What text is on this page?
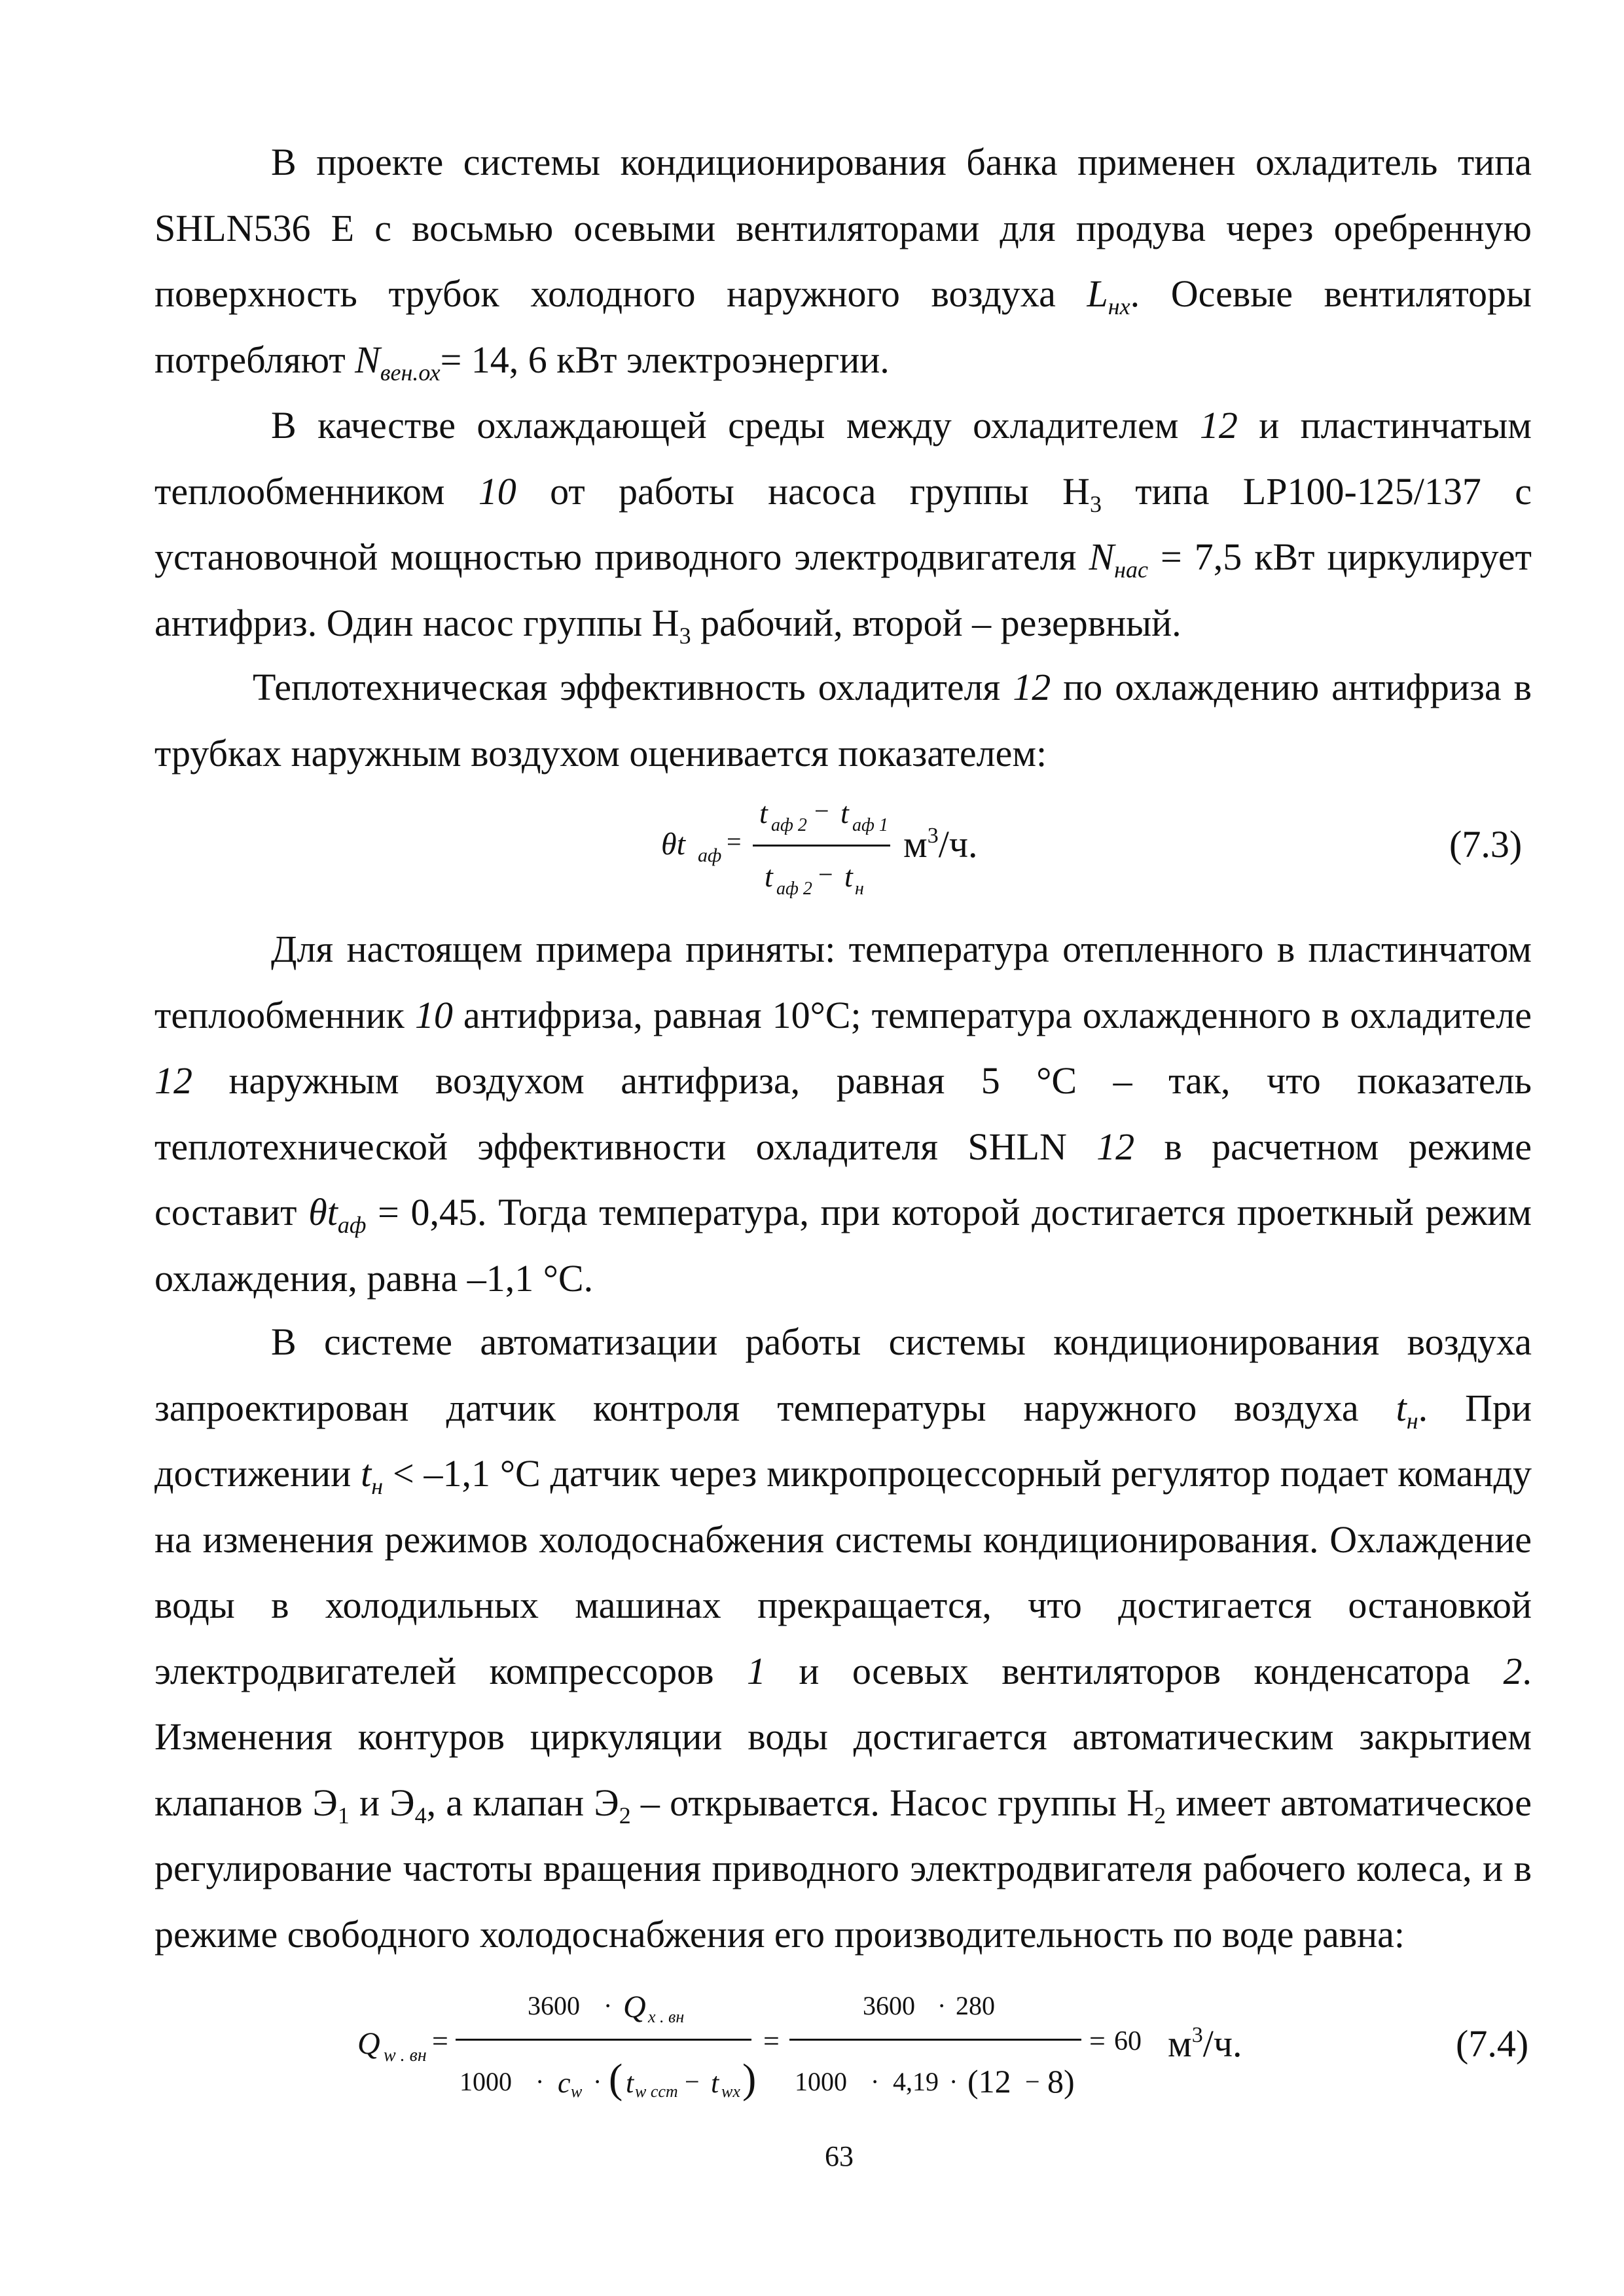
В проекте системы кондиционирования банка применен охладитель типа SHLN536 E с восьмью осевыми вентиляторами для продува через оребренную поверхность трубок холодного наружного воздуха $L_{нх}$. Осевые вентиляторы потребляют $N_{вен.ох}= 14$, 6 кВт электроэнергии.

В качестве охлаждающей среды между охладителем 12 и пластинчатым теплообменником 10 от работы насоса группы $Н_3$ типа LP100-125/137 с установочной мощностью приводного электродвигателя $N_{нас} = 7,5$ кВт циркулирует антифриз. Один насос группы $Н_3$ рабочий, второй – резервный.

Теплотехническая эффективность охладителя 12 по охлаждению антифриза в трубках наружным воздухом оценивается показателем:

θt аф =
t аф 2 − t аф 1
t аф 2 − t н
$м^3/ч$.	(7.3)

Для настоящем примера приняты: температура отепленного в пластинчатом теплообменник 10 антифриза, равная 10°С; температура охлажденного в охладителе 12 наружным воздухом антифриза, равная 5 °С – так, что показатель теплотехнической эффективности охладителя SHLN 12 в расчетном режиме составит $\theta t_{аф} = 0,45$. Тогда температура, при которой достигается проеткный режим охлаждения, равна –1,1 °С.

В системе автоматизации работы системы кондиционирования воздуха запроектирован датчик контроля температуры наружного воздуха $t_н$. При достижении $t_н < -1,1$ °С датчик через микропроцессорный регулятор подает команду на изменения режимов холодоснабжения системы кондиционирования. Охлаждение воды в холодильных машинах прекращается, что достигается остановкой электродвигателей компрессоров 1 и осевых вентиляторов конденсатора 2. Изменения контуров циркуляции воды достигается автоматическим закрытием клапанов $Э_1$ и $Э_4$, а клапан $Э_2$ – открывается. Насос группы $Н_2$ имеет автоматическое регулирование частоты вращения приводного электродвигателя рабочего колеса, и в режиме свободного холодоснабжения его производительность по воде равна:

Q w . вн =
3600 · Q х . вн
1000 · c w · ( t w сст − t wx )
=
3600 · 280
1000 · 4,19 · (12 − 8)
= 60 $м^3/ч$.	(7.4)
63
